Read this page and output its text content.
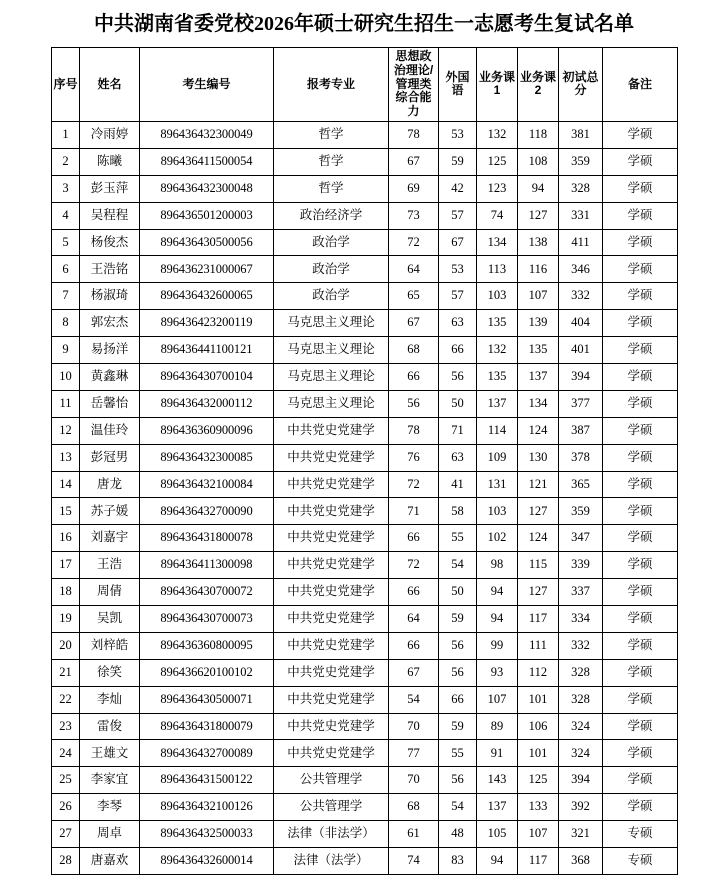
中共湖南省委党校2026年硕士研究生招生一志愿考生复试名单
序号	姓名	考生编号	报考专业	思想政治理论/管理类综合能力	外国语	业务课1	业务课2	初试总分	备注
1	冷雨婷	896436432300049	哲学	78	53	132	118	381	学硕
2	陈曦	896436411500054	哲学	67	59	125	108	359	学硕
3	彭玉萍	896436432300048	哲学	69	42	123	94	328	学硕
4	吴程程	896436501200003	政治经济学	73	57	74	127	331	学硕
5	杨俊杰	896436430500056	政治学	72	67	134	138	411	学硕
6	王浩铭	896436231000067	政治学	64	53	113	116	346	学硕
7	杨淑琦	896436432600065	政治学	65	57	103	107	332	学硕
8	郭宏杰	896436423200119	马克思主义理论	67	63	135	139	404	学硕
9	易扬洋	896436441100121	马克思主义理论	68	66	132	135	401	学硕
10	黄鑫琳	896436430700104	马克思主义理论	66	56	135	137	394	学硕
11	岳馨怡	896436432000112	马克思主义理论	56	50	137	134	377	学硕
12	温佳玲	896436360900096	中共党史党建学	78	71	114	124	387	学硕
13	彭冠男	896436432300085	中共党史党建学	76	63	109	130	378	学硕
14	唐龙	896436432100084	中共党史党建学	72	41	131	121	365	学硕
15	苏子媛	896436432700090	中共党史党建学	71	58	103	127	359	学硕
16	刘嘉宇	896436431800078	中共党史党建学	66	55	102	124	347	学硕
17	王浩	896436411300098	中共党史党建学	72	54	98	115	339	学硕
18	周倩	896436430700072	中共党史党建学	66	50	94	127	337	学硕
19	吴凯	896436430700073	中共党史党建学	64	59	94	117	334	学硕
20	刘梓皓	896436360800095	中共党史党建学	66	56	99	111	332	学硕
21	徐笑	896436620100102	中共党史党建学	67	56	93	112	328	学硕
22	李灿	896436430500071	中共党史党建学	54	66	107	101	328	学硕
23	雷俊	896436431800079	中共党史党建学	70	59	89	106	324	学硕
24	王雄文	896436432700089	中共党史党建学	77	55	91	101	324	学硕
25	李家宜	896436431500122	公共管理学	70	56	143	125	394	学硕
26	李琴	896436432100126	公共管理学	68	54	137	133	392	学硕
27	周卓	896436432500033	法律（非法学）	61	48	105	107	321	专硕
28	唐嘉欢	896436432600014	法律（法学）	74	83	94	117	368	专硕
